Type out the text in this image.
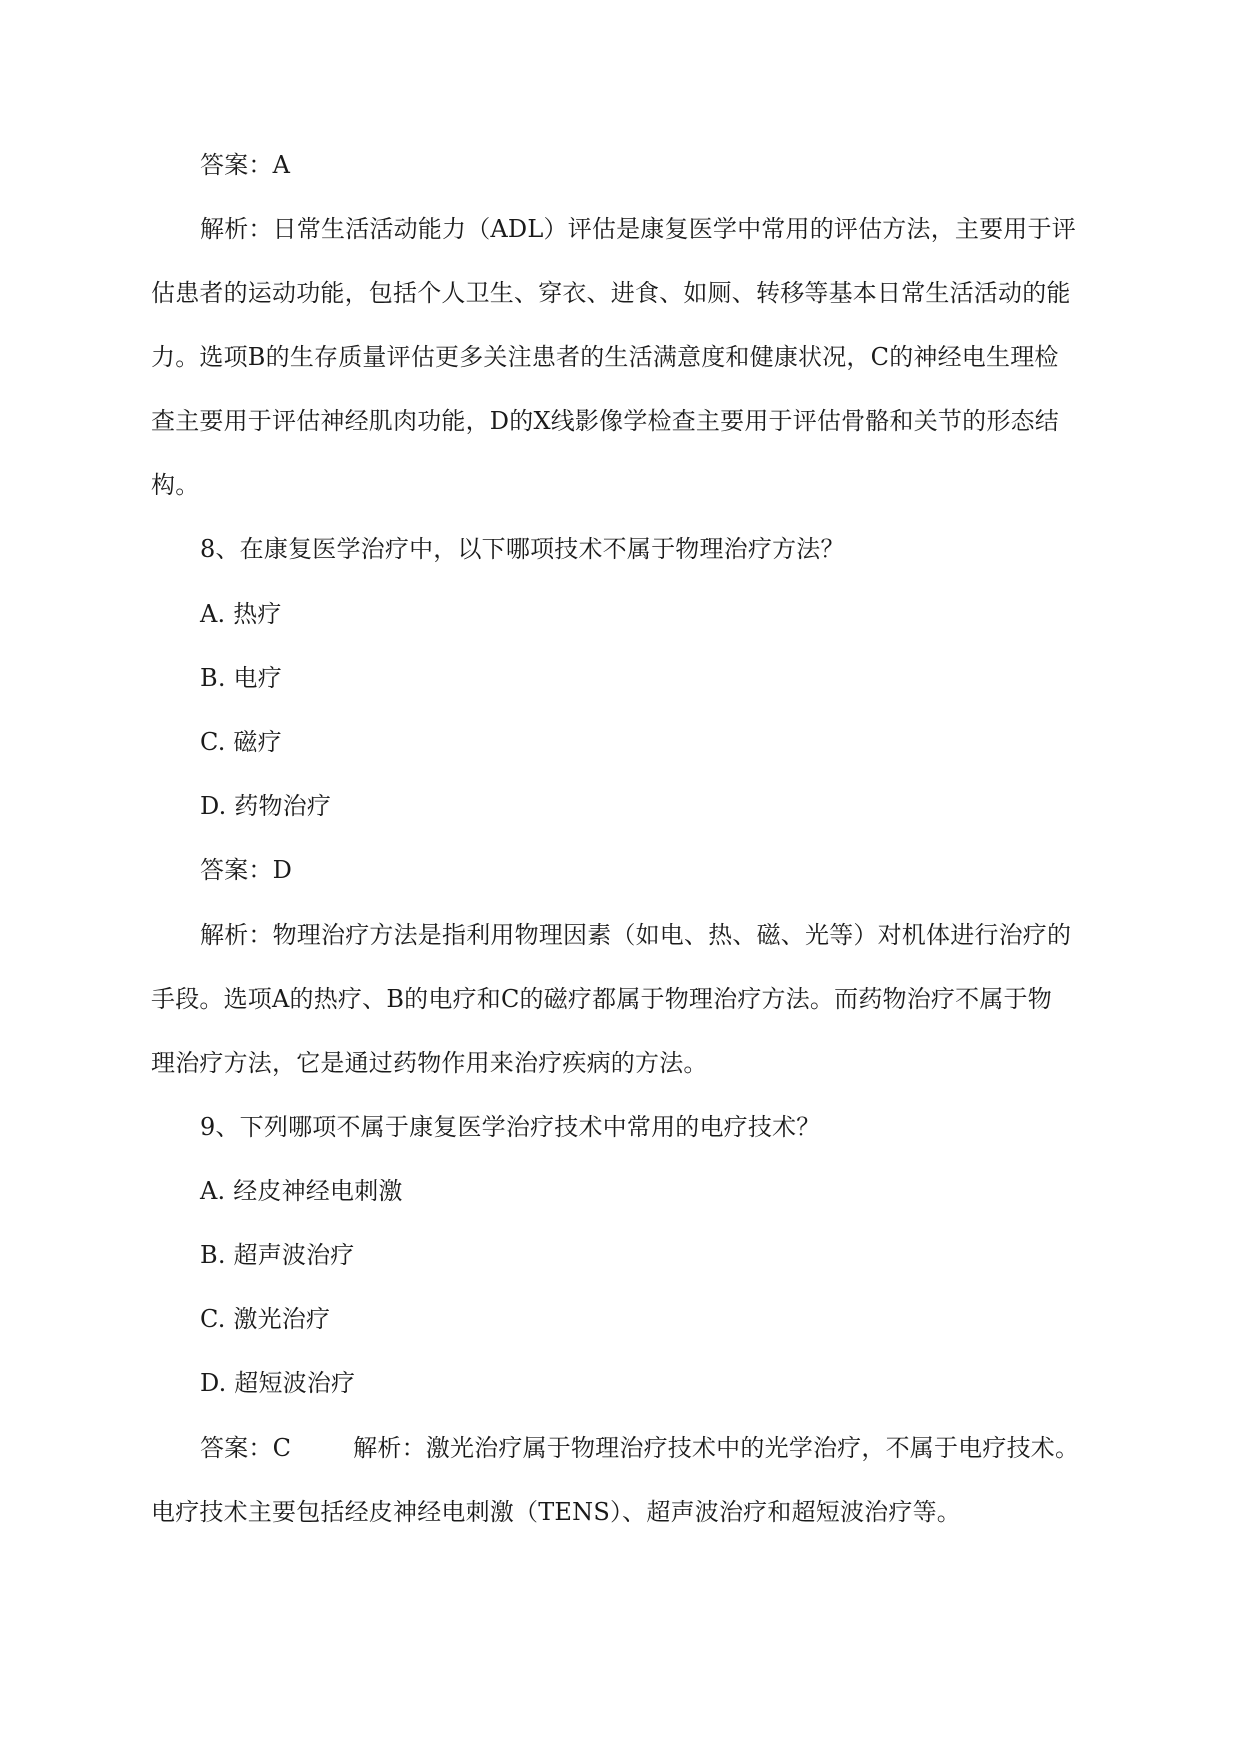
答案：A
解析：日常生活活动能力（ADL）评估是康复医学中常用的评估方法，主要用于评
估患者的运动功能，包括个人卫生、穿衣、进食、如厕、转移等基本日常生活活动的能
力。选项B的生存质量评估更多关注患者的生活满意度和健康状况，C的神经电生理检
查主要用于评估神经肌肉功能，D的X线影像学检查主要用于评估骨骼和关节的形态结
构。
8、在康复医学治疗中，以下哪项技术不属于物理治疗方法？
A. 热疗
B. 电疗
C. 磁疗
D. 药物治疗
答案：D
解析：物理治疗方法是指利用物理因素（如电、热、磁、光等）对机体进行治疗的
手段。选项A的热疗、B的电疗和C的磁疗都属于物理治疗方法。而药物治疗不属于物
理治疗方法，它是通过药物作用来治疗疾病的方法。
9、下列哪项不属于康复医学治疗技术中常用的电疗技术？
A. 经皮神经电刺激
B. 超声波治疗
C. 激光治疗
D. 超短波治疗
答案：C	解析：激光治疗属于物理治疗技术中的光学治疗，不属于电疗技术。
电疗技术主要包括经皮神经电刺激（TENS）、超声波治疗和超短波治疗等。
